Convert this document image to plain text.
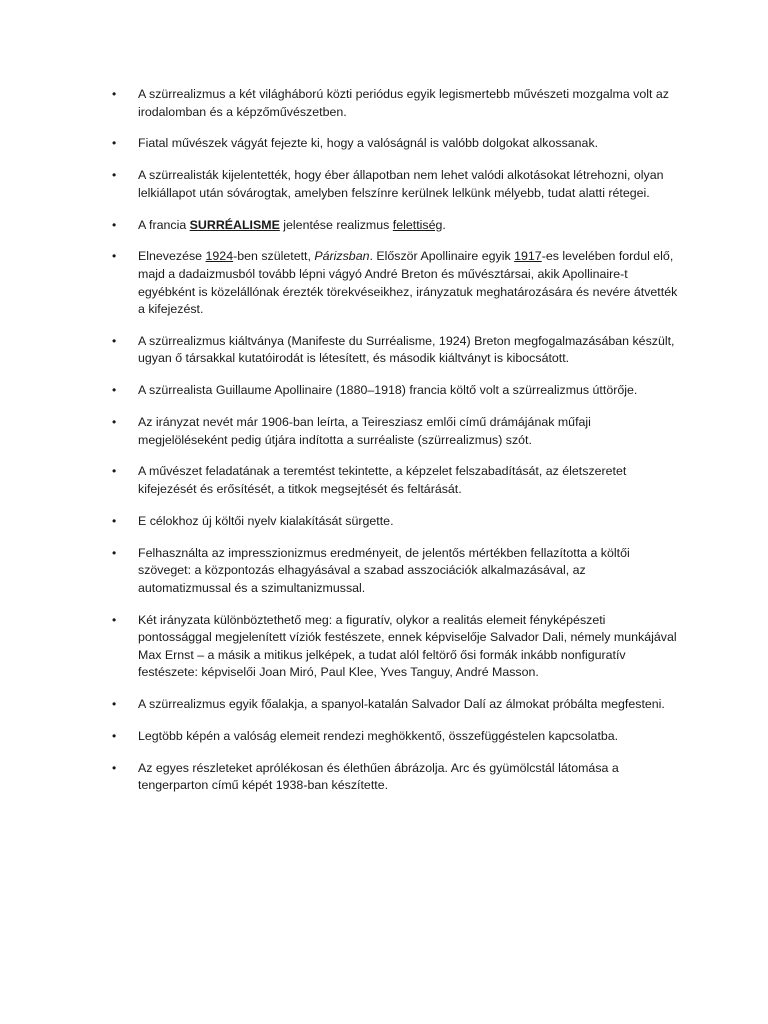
•	A szürrealizmus a két világháború közti periódus egyik legismertebb művészeti mozgalma volt az irodalomban és a képzőművészetben.
•	Fiatal művészek vágyát fejezte ki, hogy a valóságnál is valóbb dolgokat alkossanak.
•	A szürrealisták kijelentették, hogy éber állapotban nem lehet valódi alkotásokat létrehozni, olyan lelkiállapot után sóvárogtak, amelyben felszínre kerülnek lelkünk mélyebb, tudat alatti rétegei.
•	A francia SURRÉALISME jelentése realizmus felettiség.
•	Elnevezése 1924-ben született, Párizsban. Először Apollinaire egyik 1917-es levelében fordul elő, majd a dadaizmusból tovább lépni vágyó André Breton és művésztársai, akik Apollinaire-t egyébként is közelállónak érezték törekvéseikhez, irányzatuk meghatározására és nevére átvették a kifejezést.
•	A szürrealizmus kiáltványa (Manifeste du Surréalisme, 1924) Breton megfogalmazásában készült, ugyan ő társakkal kutatóirodát is létesített, és második kiáltványt is kibocsátott.
•	A szürrealista Guillaume Apollinaire (1880–1918) francia költő volt a szürrealizmus úttörője.
•	Az irányzat nevét már 1906-ban leírta, a Teiresziasz emlői című drámájának műfaji megjelöléseként pedig útjára indította a surréaliste (szürrealizmus) szót.
•	A művészet feladatának a teremtést tekintette, a képzelet felszabadítását, az életszeretet kifejezését és erősítését, a titkok megsejtését és feltárását.
•	E célokhoz új költői nyelv kialakítását sürgette.
•	Felhasználta az impresszionizmus eredményeit, de jelentős mértékben fellazította a költői szöveget: a központozás elhagyásával a szabad asszociációk alkalmazásával, az automatizmussal és a szimultanizmussal.
•	Két irányzata különböztethető meg: a figuratív, olykor a realitás elemeit fényképészeti pontossággal megjelenített víziók festészete, ennek képviselője Salvador Dali, némely munkájával Max Ernst – a másik a mitikus jelképek, a tudat alól feltörő ősi formák inkább nonfiguratív festészete: képviselői Joan Miró, Paul Klee, Yves Tanguy, André Masson.
•	A szürrealizmus egyik főalakja, a spanyol-katalán Salvador Dalí az álmokat próbálta megfesteni.
•	Legtöbb képén a valóság elemeit rendezi meghökkentő, összefüggéstelen kapcsolatba.
•	Az egyes részleteket aprólékosan és élethűen ábrázolja. Arc és gyümölcstál látomása a tengerparton című képét 1938-ban készítette.
